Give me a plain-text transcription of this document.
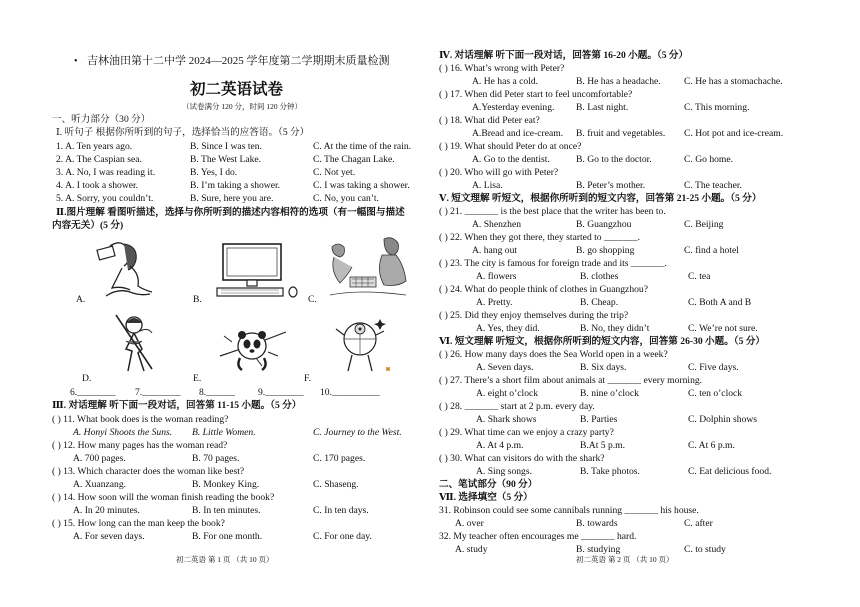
• 吉林油田第十二中学 2024—2025 学年度第二学期期末质量检测
初二英语试卷
（试卷满分 120 分，时间 120 分钟）
一、听力部分（30 分）
Ⅰ. 听句子 根据你所听到的句子，选择恰当的应答语。（5 分）
1. A. Ten years ago.	B. Since I was ten.	C. At the time of the rain.
2. A. The Caspian sea.	B. The West Lake.	C. The Chagan Lake.
3. A. No, I was reading it.	B. Yes, I do.	C. Not yet.
4. A. I took a shower.	B. I’m taking a shower.	C. I was taking a shower.
5. A. Sorry, you couldn’t.	B. Sure, here you are.	C. No, you can’t.
Ⅱ.图片理解 看图听描述，选择与你所听到的描述内容相符的选项（有一幅图与描述
内容无关）(5 分)
A.	B.	C.
D.	E.	F.
6.________ 7.________ 8.______ 9.________ 10.__________
Ⅲ. 对话理解 听下面一段对话，回答第 11-15 小题。（5 分）
( ) 11. What book does is the woman reading?
A. Honyi Shoots the Suns. B. Little Women.	C. Journey to the West.
( ) 12. How many pages has the woman read?
A. 700 pages.	B. 70 pages.	C. 170 pages.
( ) 13. Which character does the woman like best?
A. Xuanzang.	B. Monkey King.	C. Shaseng.
( ) 14. How soon will the woman finish reading the book?
A. In 20 minutes.	B. In ten minutes.	C. In ten days.
( ) 15. How long can the man keep the book?
A. For seven days.	B. For one month.	C. For one day.
初二英语 第 1 页 （共 10 页）
Ⅳ. 对话理解 听下面一段对话，回答第 16-20 小题。（5 分）
( ) 16. What’s wrong with Peter?
A. He has a cold.	B. He has a headache. C. He has a stomachache.
( ) 17. When did Peter start to feel uncomfortable?
A.Yesterday evening. B. Last night.	C. This morning.
( ) 18. What did Peter eat?
A.Bread and ice-cream. B. fruit and vegetables. C. Hot pot and ice-cream.
( ) 19. What should Peter do at once?
A. Go to the dentist.	B. Go to the doctor.	C. Go home.
( ) 20. Who will go with Peter?
A. Lisa.	B. Peter’s mother.	C. The teacher.
Ⅴ. 短文理解 听短文，根据你所听到的短文内容，回答第 21-25 小题。（5 分）
( ) 21. _______ is the best place that the writer has been to.
A. Shenzhen	B. Guangzhou	C. Beijing
( ) 22. When they got there, they started to _______.
A. hang out	B. go shopping	C. find a hotel
( ) 23. The city is famous for foreign trade and its _______.
A. flowers	B. clothes	C. tea
( ) 24. What do people think of clothes in Guangzhou?
A. Pretty.	B. Cheap.	C. Both A and B
( ) 25. Did they enjoy themselves during the trip?
A. Yes, they did.	B. No, they didn’t	C. We’re not sure.
Ⅵ. 短文理解 听短文，根据你所听到的短文内容，回答第 26-30 小题。（5 分）
( ) 26. How many days does the Sea World open in a week?
A. Seven days.	B. Six days.	C. Five days.
( ) 27. There’s a short film about animals at _______ every morning.
A. eight o’clock	B. nine o’clock	C. ten o’clock
( ) 28. _______ start at 2 p.m. every day.
A. Shark shows	B. Parties	C. Dolphin shows
( ) 29. What time can we enjoy a crazy party?
A. At 4 p.m.	B.At 5 p.m.	C. At 6 p.m.
( ) 30. What can visitors do with the shark?
A. Sing songs.	B. Take photos.	C. Eat delicious food.
二、笔试部分（90 分）
Ⅶ. 选择填空（5 分）
31. Robinson could see some cannibals running _______ his house.
A. over	B. towards	C. after
32. My teacher often encourages me _______ hard.
A. study	B. studying	C. to study
初二英语 第 2 页 （共 10 页）
